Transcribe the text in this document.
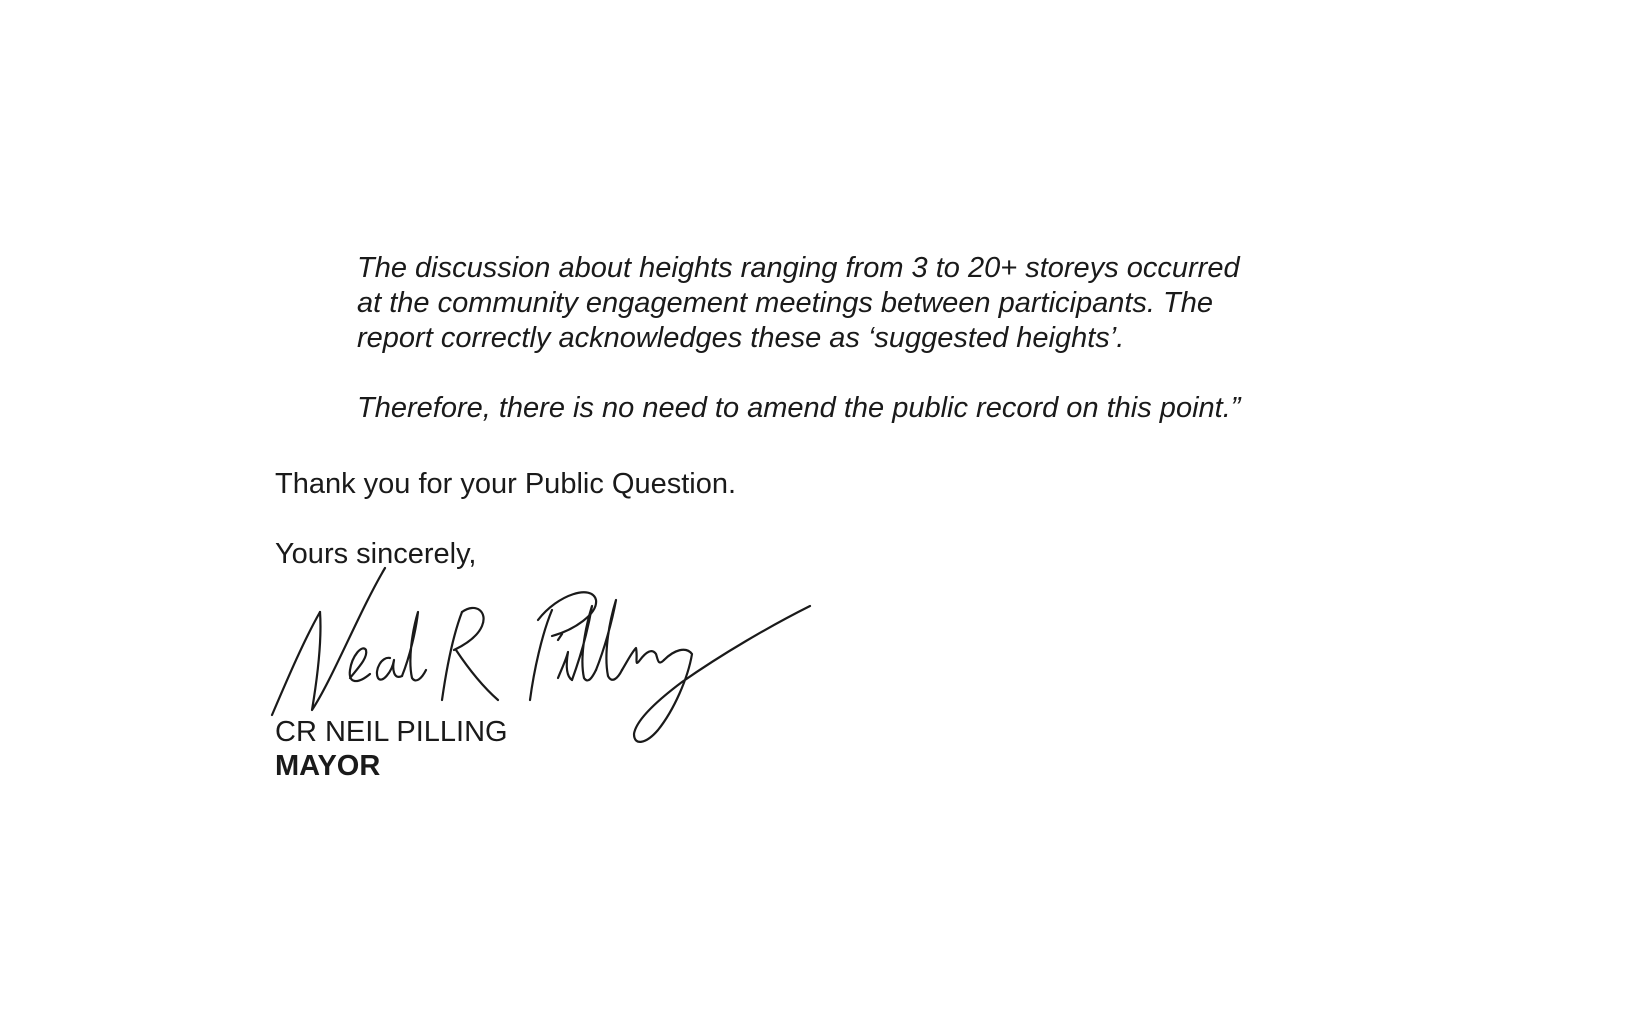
The discussion about heights ranging from 3 to 20+ storeys occurred
at the community engagement meetings between participants. The
report correctly acknowledges these as ‘suggested heights’.

Therefore, there is no need to amend the public record on this point.”

Thank you for your Public Question.
Yours sincerely,
CR NEIL PILLING
MAYOR
